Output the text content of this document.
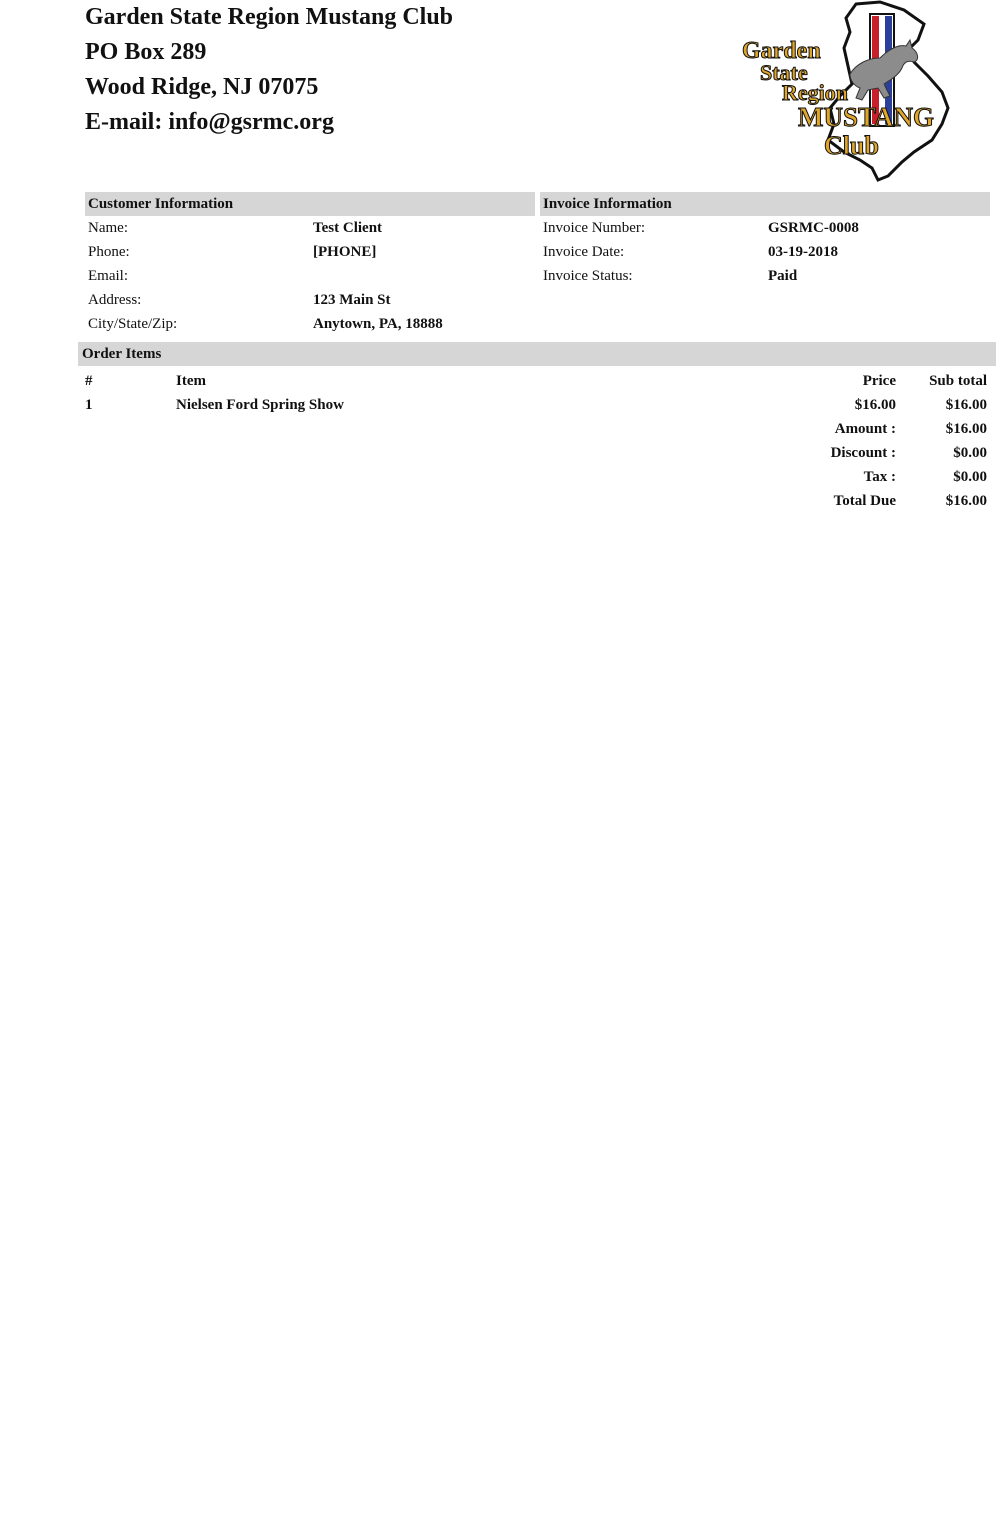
Garden State Region Mustang Club
PO Box 289
Wood Ridge, NJ 07075
E-mail: info@gsrmc.org
Garden
State
Region
MUSTANG
Club
Customer Information
Name:	Test Client
Phone:	[PHONE]
Email:
Address:	123 Main St
City/State/Zip:	Anytown, PA, 18888
Invoice Information
Invoice Number:	GSRMC-0008
Invoice Date:	03-19-2018
Invoice Status:	Paid
Order Items
#	Item	Price	Sub total
1	Nielsen Ford Spring Show	$16.00	$16.00
Amount :	$16.00
Discount :	$0.00
Tax :	$0.00
Total Due	$16.00
